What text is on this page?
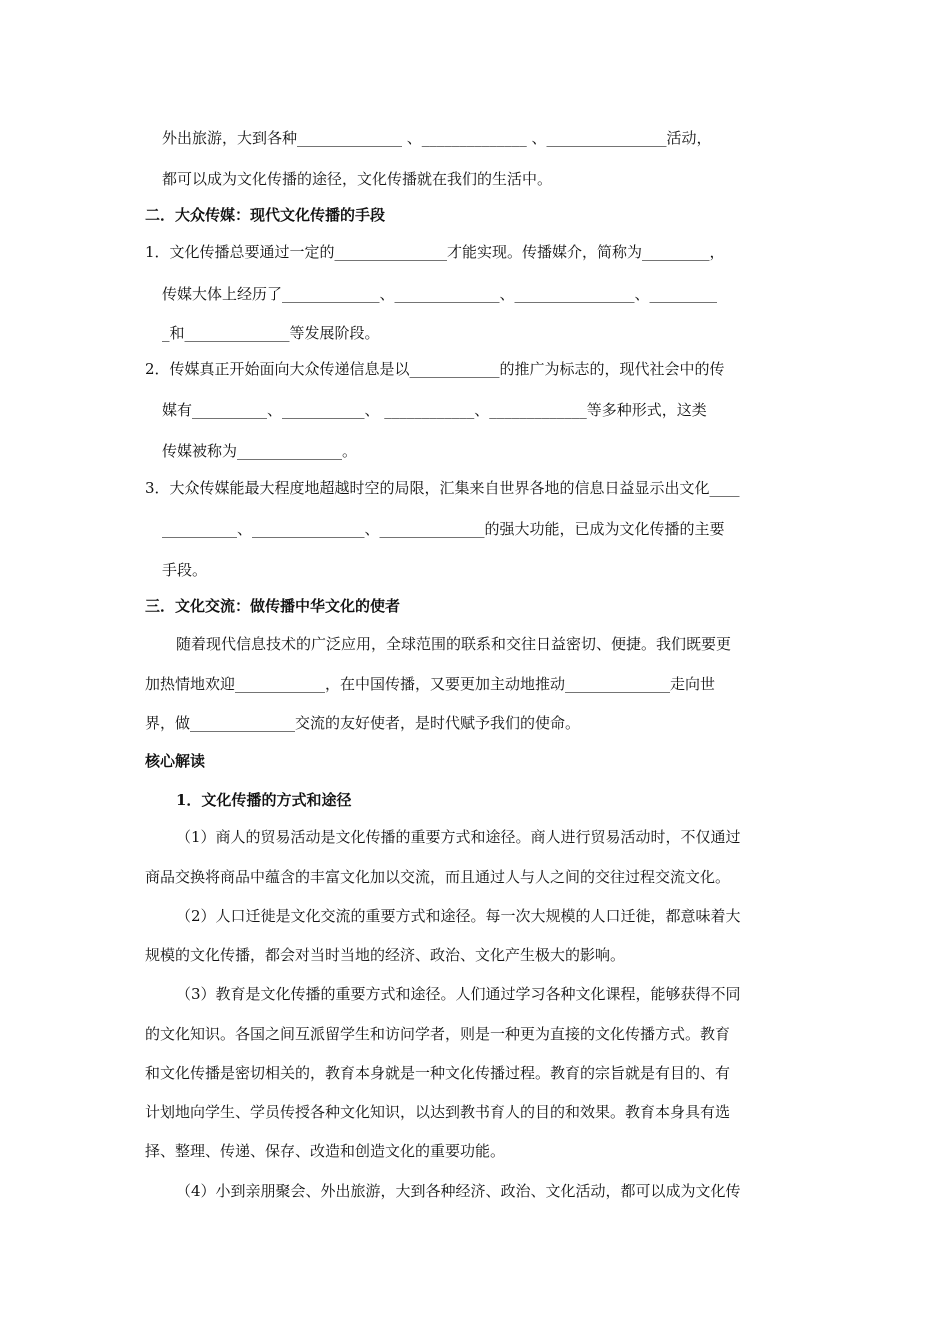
外出旅游，大到各种______________ 、______________ 、________________活动，
都可以成为文化传播的途径，文化传播就在我们的生活中。
二．大众传媒：现代文化传播的手段
1．文化传播总要通过一定的_______________才能实现。传播媒介，简称为_________，
传媒大体上经历了_____________、______________、________________、_________
_和______________等发展阶段。
2．传媒真正开始面向大众传递信息是以____________的推广为标志的，现代社会中的传
媒有__________、___________、 ____________、_____________等多种形式，这类
传媒被称为______________。
3．大众传媒能最大程度地超越时空的局限，汇集来自世界各地的信息日益显示出文化____
__________、_______________、______________的强大功能，已成为文化传播的主要
手段。
三．文化交流：做传播中华文化的使者
随着现代信息技术的广泛应用，全球范围的联系和交往日益密切、便捷。我们既要更
加热情地欢迎____________，在中国传播，又要更加主动地推动______________走向世
界，做______________交流的友好使者，是时代赋予我们的使命。
核心解读
1．文化传播的方式和途径
（1）商人的贸易活动是文化传播的重要方式和途径。商人进行贸易活动时，不仅通过
商品交换将商品中蕴含的丰富文化加以交流，而且通过人与人之间的交往过程交流文化。
（2）人口迁徙是文化交流的重要方式和途径。每一次大规模的人口迁徙，都意味着大
规模的文化传播，都会对当时当地的经济、政治、文化产生极大的影响。
（3）教育是文化传播的重要方式和途径。人们通过学习各种文化课程，能够获得不同
的文化知识。各国之间互派留学生和访问学者，则是一种更为直接的文化传播方式。教育
和文化传播是密切相关的，教育本身就是一种文化传播过程。教育的宗旨就是有目的、有
计划地向学生、学员传授各种文化知识，以达到教书育人的目的和效果。教育本身具有选
择、整理、传递、保存、改造和创造文化的重要功能。
（4）小到亲朋聚会、外出旅游，大到各种经济、政治、文化活动，都可以成为文化传
